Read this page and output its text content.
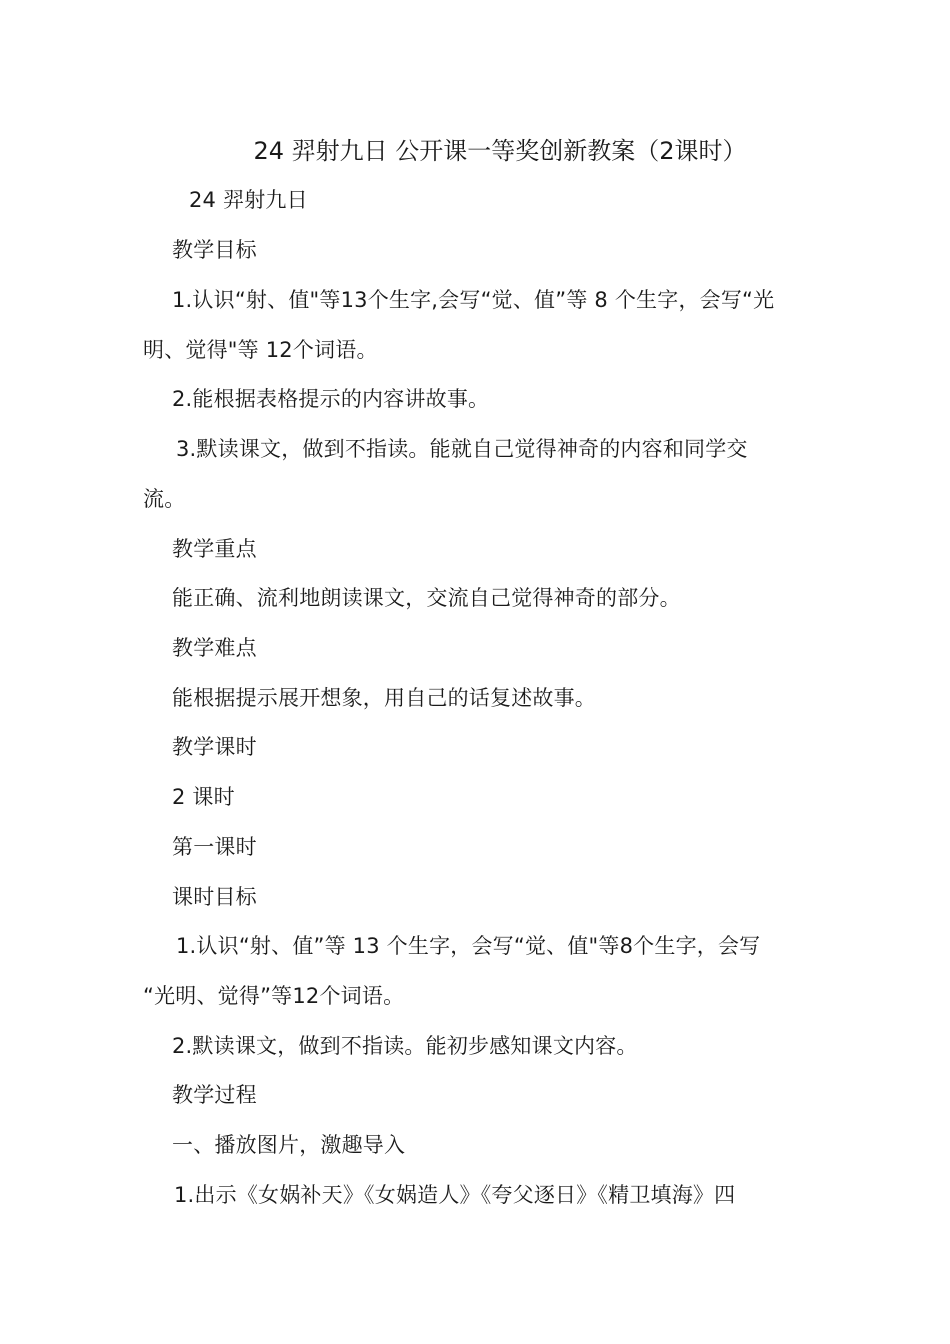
24 羿射九日 公开课一等奖创新教案（2课时）
24 羿射九日
教学目标
1.认识“射、值"等13个生字,会写“觉、值”等 8 个生字，会写“光
明、觉得"等 12个词语。
2.能根据表格提示的内容讲故事。
3.默读课文，做到不指读。能就自己觉得神奇的内容和同学交
流。
教学重点
能正确、流利地朗读课文，交流自己觉得神奇的部分。
教学难点
能根据提示展开想象，用自己的话复述故事。
教学课时
2 课时
第一课时
课时目标
1.认识“射、值”等 13 个生字，会写“觉、值"等8个生字，会写
“光明、觉得”等12个词语。
2.默读课文，做到不指读。能初步感知课文内容。
教学过程
一、播放图片，激趣导入
1.出示《女娲补天》《女娲造人》《夸父逐日》《精卫填海》四
